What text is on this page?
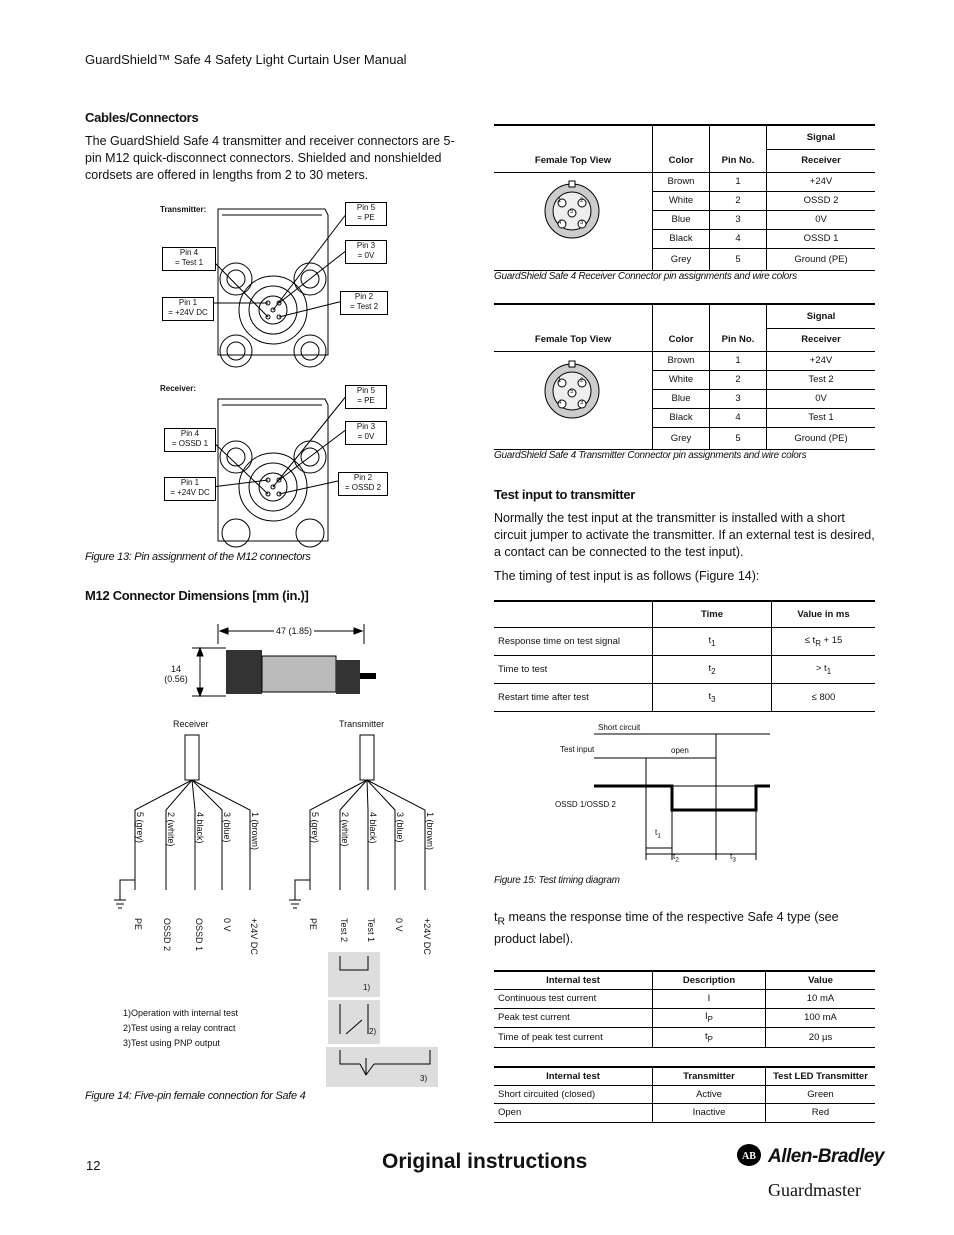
GuardShield™ Safe 4 Safety Light Curtain User Manual
Cables/Connectors
The GuardShield Safe 4 transmitter and receiver connectors are 5-pin M12 quick-disconnect connectors. Shielded and nonshielded cordsets are offered in lengths from 2 to 30 meters.
Transmitter:
Receiver:
Pin 5
= PE
Pin 3
= 0V
Pin 2
= Test 2
Pin 4
= Test 1
Pin 1
= +24V DC
Pin 5
= PE
Pin 3
= 0V
Pin 2
= OSSD 2
Pin 4
= OSSD 1
Pin 1
= +24V DC
Figure 13: Pin assignment of the M12 connectors
M12 Connector Dimensions [mm (in.)]
47 (1.85)
14
(0.56)
Receiver	Transmitter
5 (grey) 2 (white) 4 black) 3 (blue) 1 (brown)	5 (grey) 2 (white) 4 black) 3 (blue) 1 (brown)
PE OSSD 2 OSSD 1 0 V +24V DC	PE Test 2 Test 1 0 V +24V DC
1)
2)
3)
1)Operation with internal test
2)Test using a relay contract
3)Test using PNP output
Figure 14: Five-pin female connection for Safe 4
Female Top View	Color	Pin No.	Signal
			Receiver
	Brown	1	+24V
	White	2	OSSD 2
	Blue	3	0V
	Black	4	OSSD 1
	Grey	5	Ground (PE)
1	2
5
4	3
GuardShield Safe 4 Receiver Connector pin assignments and wire colors
Female Top View	Color	Pin No.	Signal
			Receiver
	Brown	1	+24V
	White	2	Test 2
	Blue	3	0V
	Black	4	Test 1
	Grey	5	Ground (PE)
1	2
5
4	3
GuardShield Safe 4 Transmitter Connector pin assignments and wire colors
Test input to transmitter
Normally the test input at the transmitter is installed with a short circuit jumper to activate the transmitter. If an external test is desired, a contact can be connected to the test input).
The timing of test input is as follows (Figure 14):
	Time	Value in ms
Response time on test signal	$t_1$	≤ $t_R + 15$
Time to test	$t_2$	> $t_1$
Restart time after test	$t_3$	≤ 800
Short circuit
Test input	open
OSSD 1/OSSD 2
$t_1$
$t_2$	$t_3$
Figure 15: Test timing diagram
$t_R$ means the response time of the respective Safe 4 type (see product label).
Internal test	Description	Value
Continuous test current	I	10 mA
Peak test current	$I_P$	100 mA
Time of peak test current	$t_P$	20 µs
Internal test	Transmitter	Test LED Transmitter
Short circuited (closed)	Active	Green
Open	Inactive	Red
12	Original instructions	AB Allen-Bradley
Guardmaster
